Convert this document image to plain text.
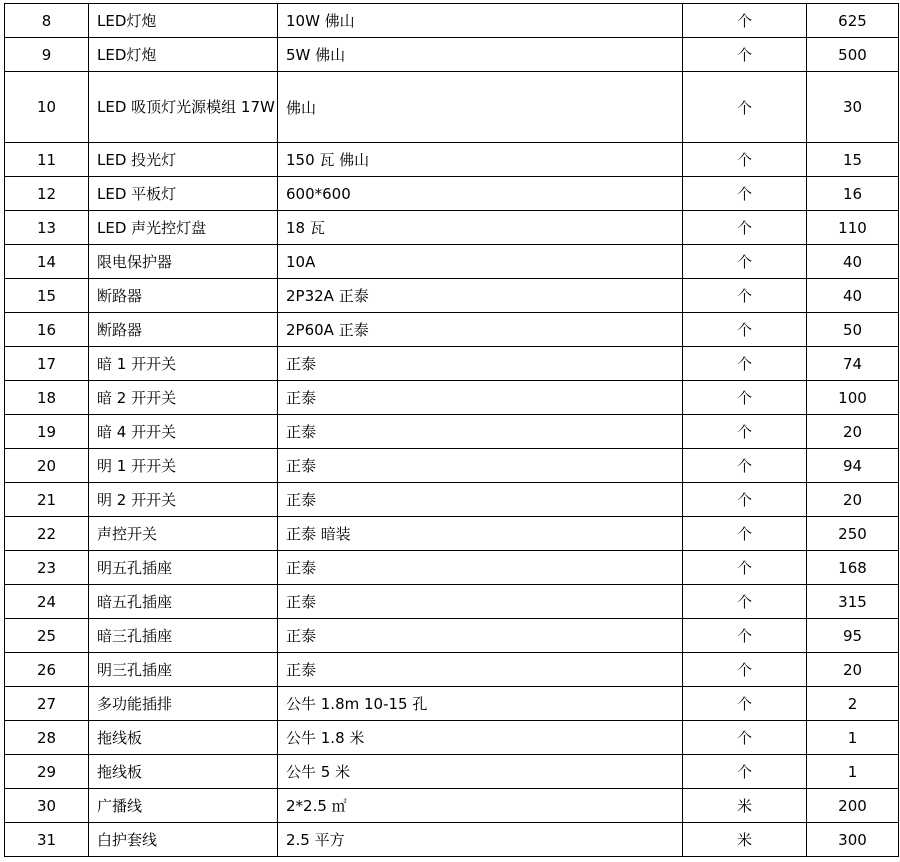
8	LED灯炮	10W 佛山	个	625
9	LED灯炮	5W 佛山	个	500
10	LED 吸顶灯光源模组 17W	佛山	个	30
11	LED 投光灯	150 瓦 佛山	个	15
12	LED 平板灯	600*600	个	16
13	LED 声光控灯盘	18 瓦	个	110
14	限电保护器	10A	个	40
15	断路器	2P32A 正泰	个	40
16	断路器	2P60A 正泰	个	50
17	暗 1 开开关	正泰	个	74
18	暗 2 开开关	正泰	个	100
19	暗 4 开开关	正泰	个	20
20	明 1 开开关	正泰	个	94
21	明 2 开开关	正泰	个	20
22	声控开关	正泰 暗装	个	250
23	明五孔插座	正泰	个	168
24	暗五孔插座	正泰	个	315
25	暗三孔插座	正泰	个	95
26	明三孔插座	正泰	个	20
27	多功能插排	公牛 1.8m 10-15 孔	个	2
28	拖线板	公牛 1.8 米	个	1
29	拖线板	公牛 5 米	个	1
30	广播线	2*2.5 ㎡	米	200
31	白护套线	2.5 平方	米	300
